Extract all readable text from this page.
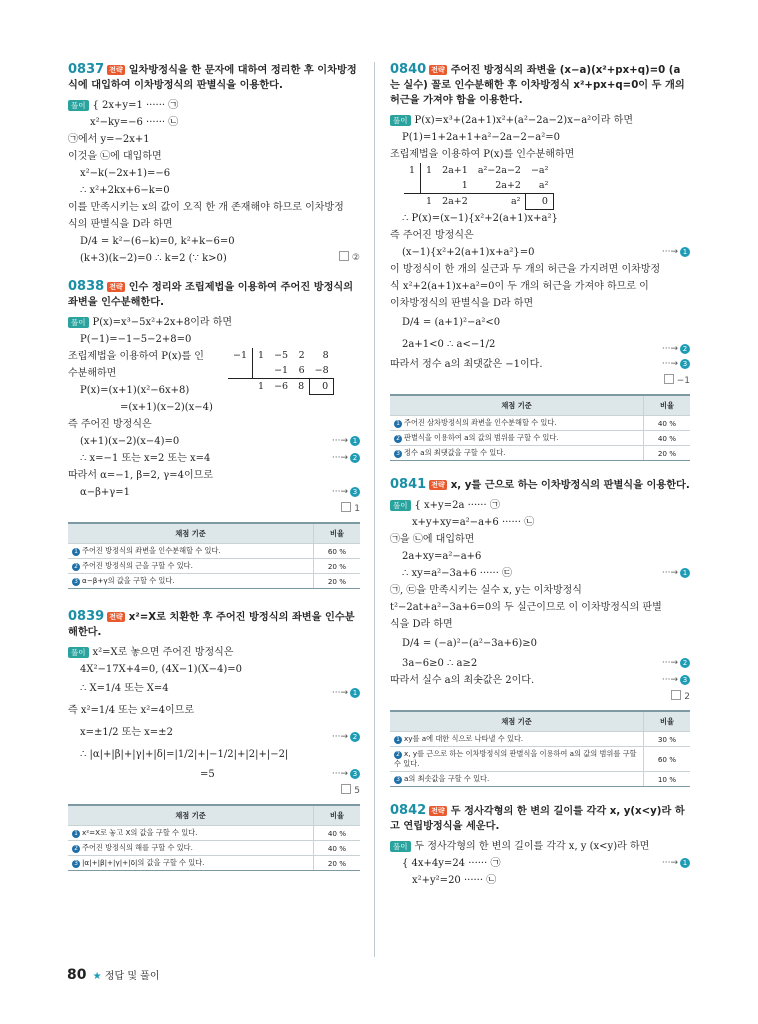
0837 전략 일차방정식을 한 문자에 대하여 정리한 후 이차방정식에 대입하여 이차방정식의 판별식을 이용한다.
풀이 { 2x+y=1 ······ ㉠
x²−ky=−6 ······ ㉡
㉠에서 y=−2x+1
이것을 ㉡에 대입하면
x²−k(−2x+1)=−6
∴ x²+2kx+6−k=0
이를 만족시키는 x의 값이 오직 한 개 존재해야 하므로 이차방정
식의 판별식을 D라 하면
D/4 = k²−(6−k)=0, k²+k−6=0
(k+3)(k−2)=0 ∴ k=2 (∵ k>0)	②
0838 전략 인수 정리와 조립제법을 이용하여 주어진 방정식의 좌변을 인수분해한다.
풀이 P(x)=x³−5x²+2x+8이라 하면
P(−1)=−1−5−2+8=0
조립제법을 이용하여 P(x)를 인
수분해하면
−1	1	−5	2	8
		−1	6	−8
	1	−6	8	0
P(x)=(x+1)(x²−6x+8)
=(x+1)(x−2)(x−4)
즉 주어진 방정식은
(x+1)(x−2)(x−4)=0	···→ 1
∴ x=−1 또는 x=2 또는 x=4	···→ 2
따라서 α=−1, β=2, γ=4이므로
α−β+γ=1	···→ 3
1
채점 기준	비율
1 주어진 방정식의 좌변을 인수분해할 수 있다.	60 %
2 주어진 방정식의 근을 구할 수 있다.	20 %
3 α−β+γ의 값을 구할 수 있다.	20 %
0839 전략 x²=X로 치환한 후 주어진 방정식의 좌변을 인수분해한다.
풀이 x²=X로 놓으면 주어진 방정식은
4X²−17X+4=0, (4X−1)(X−4)=0
∴ X=1/4 또는 X=4	···→ 1
즉 x²=1/4 또는 x²=4이므로
x=±1/2 또는 x=±2	···→ 2
∴ |α|+|β|+|γ|+|δ|=|1/2|+|−1/2|+|2|+|−2|
=5	···→ 3
5
채점 기준	비율
1 x²=X로 놓고 X의 값을 구할 수 있다.	40 %
2 주어진 방정식의 해를 구할 수 있다.	40 %
3 |α|+|β|+|γ|+|δ|의 값을 구할 수 있다.	20 %
0840 전략 주어진 방정식의 좌변을 (x−a)(x²+px+q)=0 (a는 실수) 꼴로 인수분해한 후 이차방정식 x²+px+q=0이 두 개의 허근을 가져야 함을 이용한다.
풀이 P(x)=x³+(2a+1)x²+(a²−2a−2)x−a²이라 하면
P(1)=1+2a+1+a²−2a−2−a²=0
조립제법을 이용하여 P(x)를 인수분해하면
1	1	2a+1	a²−2a−2	−a²
		1	2a+2	a²
	1	2a+2	a²	0
∴ P(x)=(x−1){x²+2(a+1)x+a²}
즉 주어진 방정식은
(x−1){x²+2(a+1)x+a²}=0	···→ 1
이 방정식이 한 개의 실근과 두 개의 허근을 가지려면 이차방정
식 x²+2(a+1)x+a²=0이 두 개의 허근을 가져야 하므로 이
이차방정식의 판별식을 D라 하면
D/4 = (a+1)²−a²<0
2a+1<0 ∴ a<−1/2	···→ 2
따라서 정수 a의 최댓값은 −1이다.	···→ 3
−1
채점 기준	비율
1 주어진 삼차방정식의 좌변을 인수분해할 수 있다.	40 %
2 판별식을 이용하여 a의 값의 범위를 구할 수 있다.	40 %
3 정수 a의 최댓값을 구할 수 있다.	20 %
0841 전략 x, y를 근으로 하는 이차방정식의 판별식을 이용한다.
풀이 { x+y=2a ······ ㉠
x+y+xy=a²−a+6 ······ ㉡
㉠을 ㉡에 대입하면
2a+xy=a²−a+6
∴ xy=a²−3a+6 ······ ㉢	···→ 1
㉠, ㉢을 만족시키는 실수 x, y는 이차방정식
t²−2at+a²−3a+6=0의 두 실근이므로 이 이차방정식의 판별
식을 D라 하면
D/4 = (−a)²−(a²−3a+6)≥0
3a−6≥0 ∴ a≥2	···→ 2
따라서 실수 a의 최솟값은 2이다.	···→ 3
2
채점 기준	비율
1 xy를 a에 대한 식으로 나타낼 수 있다.	30 %
2 x, y를 근으로 하는 이차방정식의 판별식을 이용하여 a의 값의 범위를 구할 수 있다.	60 %
3 a의 최솟값을 구할 수 있다.	10 %
0842 전략 두 정사각형의 한 변의 길이를 각각 x, y(x<y)라 하고 연립방정식을 세운다.
풀이 두 정사각형의 한 변의 길이를 각각 x, y (x<y)라 하면
{ 4x+4y=24 ······ ㉠	···→ 1
x²+y²=20 ······ ㉡
80 ★ 정답 및 풀이
